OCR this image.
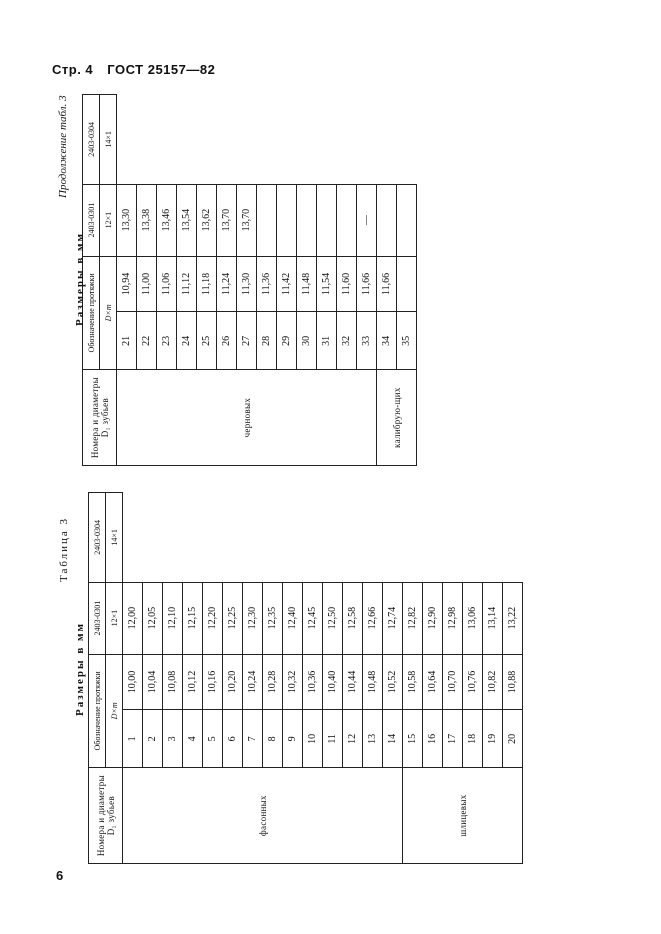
Стр. 4 ГОСТ 25157—82
Номера и диаметры D₁ зубьев	Обозначение протяжки		2403-0301	2403-0304
	D×m		12×1	14×1
черновых	21	10,94	13,30	
	22	11,00	13,38	
	23	11,06	13,46	
	24	11,12	13,54	
	25	11,18	13,62	
	26	11,24	13,70	
	27	11,30	13,70	
	28	11,36		
	29	11,42		
	30	11,48		
	31	11,54		
	32	11,60		
	33	11,66	—	
калибрую-щих	34	11,66		
	35			
Размеры в мм
Продолжение табл. 3
Номера и диаметры D₁ зубьев	Обозначение протяжки		2403-0301	2403-0304
	D×m		12×1	14×1
фасонных	1	10,00	12,00	
	2	10,04	12,05	
	3	10,08	12,10	
	4	10,12	12,15	
	5	10,16	12,20	
	6	10,20	12,25	
	7	10,24	12,30	
	8	10,28	12,35	
	9	10,32	12,40	
	10	10,36	12,45	
	11	10,40	12,50	
	12	10,44	12,58	
	13	10,48	12,66	
	14	10,52	12,74	
шлицевых	15	10,58	12,82	
	16	10,64	12,90	
	17	10,70	12,98	
	18	10,76	13,06	
	19	10,82	13,14	
	20	10,88	13,22	
Размеры в мм
Таблица 3
6
